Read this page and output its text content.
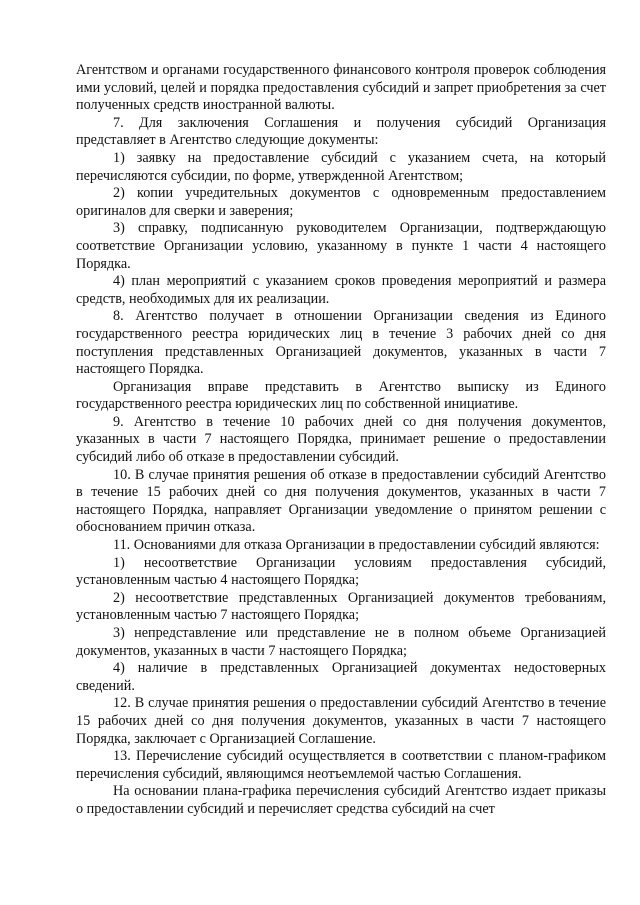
Агентством и органами государственного финансового контроля проверок соблюдения ими условий, целей и порядка предоставления субсидий и запрет приобретения за счет полученных средств иностранной валюты.

7. Для заключения Соглашения и получения субсидий Организация представляет в Агентство следующие документы:

1) заявку на предоставление субсидий с указанием счета, на который перечисляются субсидии, по форме, утвержденной Агентством;

2) копии учредительных документов с одновременным предоставлением оригиналов для сверки и заверения;

3) справку, подписанную руководителем Организации, подтверждающую соответствие Организации условию, указанному в пункте 1 части 4 настоящего Порядка.

4) план мероприятий с указанием сроков проведения мероприятий и размера средств, необходимых для их реализации.

8. Агентство получает в отношении Организации сведения из Единого государственного реестра юридических лиц в течение 3 рабочих дней со дня поступления представленных Организацией документов, указанных в части 7 настоящего Порядка.

Организация вправе представить в Агентство выписку из Единого государственного реестра юридических лиц по собственной инициативе.

9. Агентство в течение 10 рабочих дней со дня получения документов, указанных в части 7 настоящего Порядка, принимает решение о предоставлении субсидий либо об отказе в предоставлении субсидий.

10. В случае принятия решения об отказе в предоставлении субсидий Агентство в течение 15 рабочих дней со дня получения документов, указанных в части 7 настоящего Порядка, направляет Организации уведомление о принятом решении с обоснованием причин отказа.

11. Основаниями для отказа Организации в предоставлении субсидий являются:

1) несоответствие Организации условиям предоставления субсидий, установленным частью 4 настоящего Порядка;

2) несоответствие представленных Организацией документов требованиям, установленным частью 7 настоящего Порядка;

3) непредставление или представление не в полном объеме Организацией документов, указанных в части 7 настоящего Порядка;

4) наличие в представленных Организацией документах недостоверных сведений.

12. В случае принятия решения о предоставлении субсидий Агентство в течение 15 рабочих дней со дня получения документов, указанных в части 7 настоящего Порядка, заключает с Организацией Соглашение.

13. Перечисление субсидий осуществляется в соответствии с планом-графиком перечисления субсидий, являющимся неотъемлемой частью Соглашения.

На основании плана-графика перечисления субсидий Агентство издает приказы о предоставлении субсидий и перечисляет средства субсидий на счет
